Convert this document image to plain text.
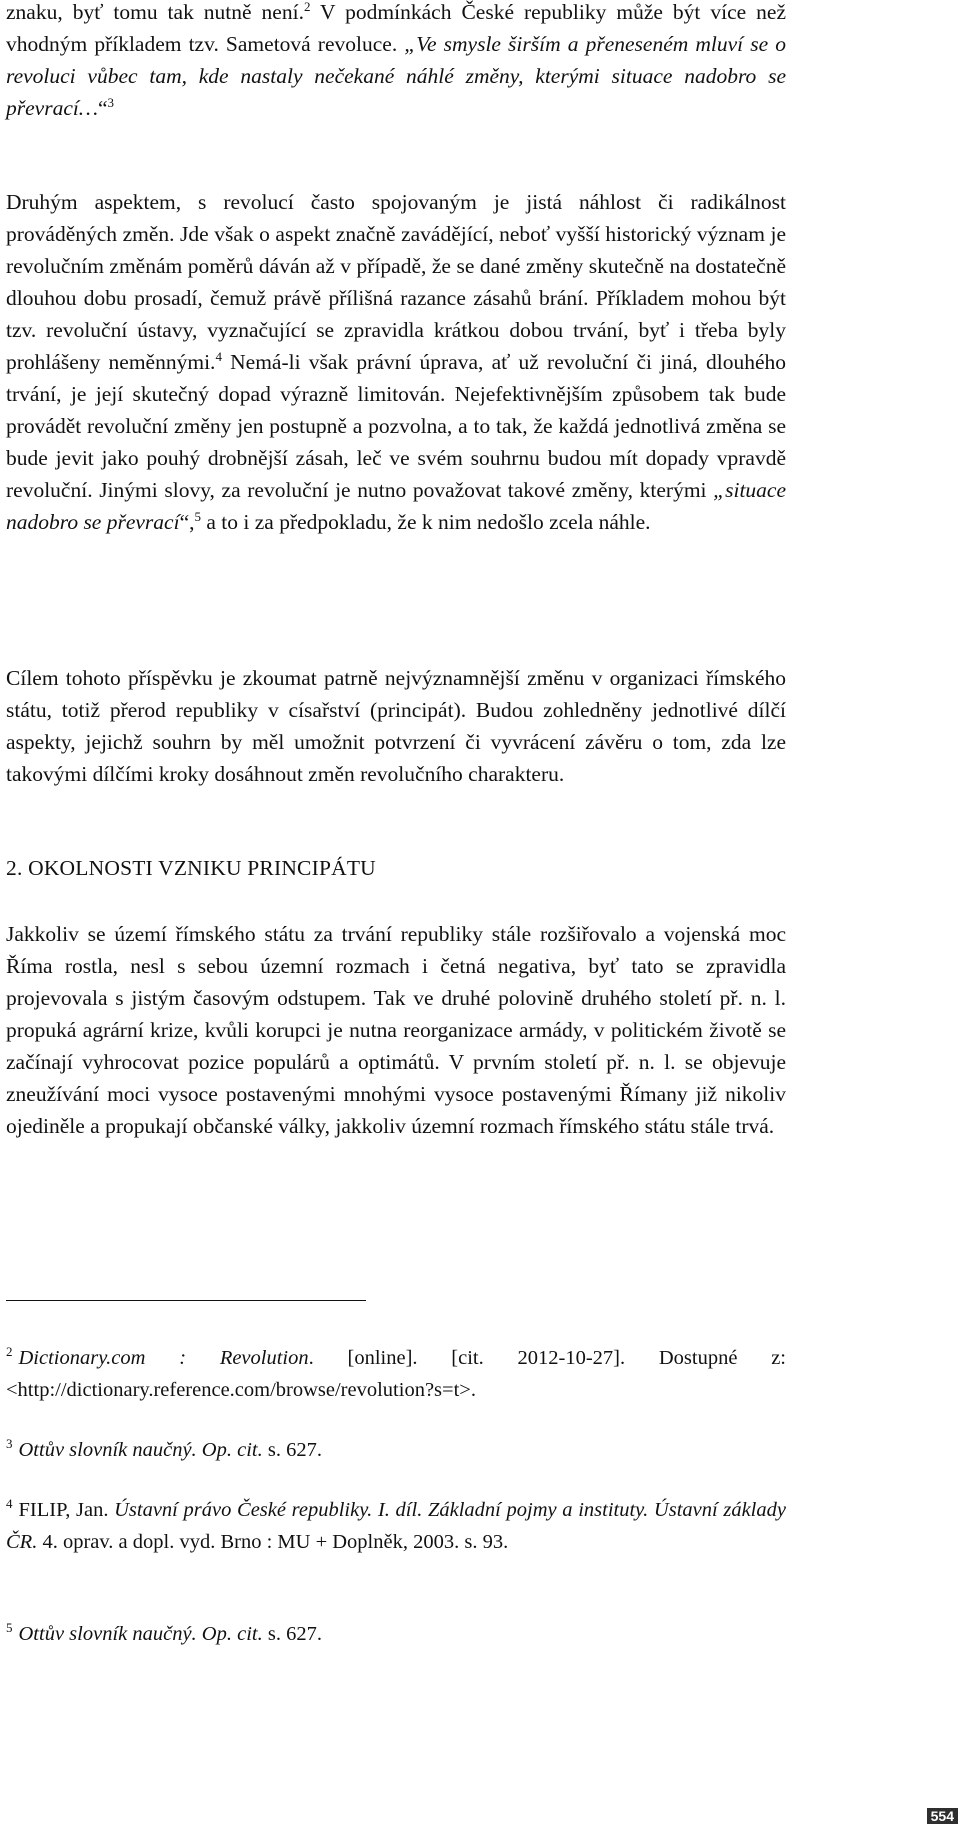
znaku, byť tomu tak nutně není.$^2$ V podmínkách České republiky může být více než vhodným příkladem tzv. Sametová revoluce. „Ve smysle širším a přeneseném mluví se o revoluci vůbec tam, kde nastaly nečekané náhlé změny, kterými situace nadobro se převrací…“$^3$

Druhým aspektem, s revolucí často spojovaným je jistá náhlost či radikálnost prováděných změn. Jde však o aspekt značně zavádějící, neboť vyšší historický význam je revolučním změnám poměrů dáván až v případě, že se dané změny skutečně na dostatečně dlouhou dobu prosadí, čemuž právě přílišná razance zásahů brání. Příkladem mohou být tzv. revoluční ústavy, vyznačující se zpravidla krátkou dobou trvání, byť i třeba byly prohlášeny neměnnými.$^4$ Nemá-li však právní úprava, ať už revoluční či jiná, dlouhého trvání, je její skutečný dopad výrazně limitován. Nejefektivnějším způsobem tak bude provádět revoluční změny jen postupně a pozvolna, a to tak, že každá jednotlivá změna se bude jevit jako pouhý drobnější zásah, leč ve svém souhrnu budou mít dopady vpravdě revoluční. Jinými slovy, za revoluční je nutno považovat takové změny, kterými „situace nadobro se převrací“,$^5$ a to i za předpokladu, že k nim nedošlo zcela náhle.

Cílem tohoto příspěvku je zkoumat patrně nejvýznamnější změnu v organizaci římského státu, totiž přerod republiky v císařství (principát). Budou zohledněny jednotlivé dílčí aspekty, jejichž souhrn by měl umožnit potvrzení či vyvrácení závěru o tom, zda lze takovými dílčími kroky dosáhnout změn revolučního charakteru.

2. OKOLNOSTI VZNIKU PRINCIPÁTU

Jakkoliv se území římského státu za trvání republiky stále rozšiřovalo a vojenská moc Říma rostla, nesl s sebou územní rozmach i četná negativa, byť tato se zpravidla projevovala s jistým časovým odstupem. Tak ve druhé polovině druhého století př. n. l. propuká agrární krize, kvůli korupci je nutna reorganizace armády, v politickém životě se začínají vyhrocovat pozice populárů a optimátů. V prvním století př. n. l. se objevuje zneužívání moci vysoce postavenými mnohými vysoce postavenými Římany již nikoliv ojediněle a propukají občanské války, jakkoliv územní rozmach římského státu stále trvá.

$^2$ Dictionary.com : Revolution. [online]. [cit. 2012-10-27]. Dostupné z: <http://dictionary.reference.com/browse/revolution?s=t>.

$^3$ Ottův slovník naučný. Op. cit. s. 627.

$^4$ FILIP, Jan. Ústavní právo České republiky. I. díl. Základní pojmy a instituty. Ústavní základy ČR. 4. oprav. a dopl. vyd. Brno : MU + Doplněk, 2003. s. 93.

$^5$ Ottův slovník naučný. Op. cit. s. 627.

554
